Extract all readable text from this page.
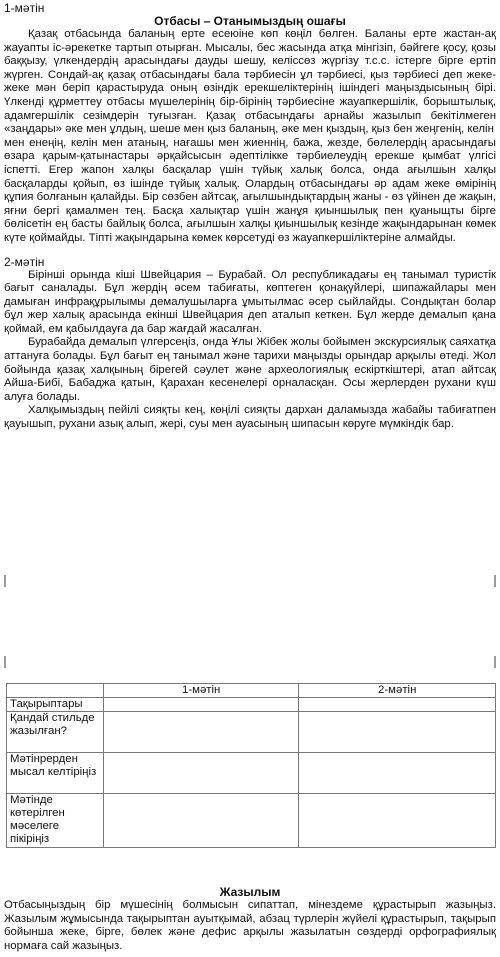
1-мәтін

Отбасы – Отанымыздың ошағы

Қазақ отбасында баланың ерте есеюіне көп көңіл бөлген. Баланы ерте жастан-ақ жауапты іс-әрекетке тартып отырған. Мысалы, бес жасында атқа мінгізіп, бәйгеге қосу, қозы баққызу, үлкендердің арасындағы дауды шешу, келіссөз жүргізу т.с.с. істерге бірге ертіп жүрген. Сондай-ақ қазақ отбасындағы бала тәрбиесін ұл тәрбиесі, қыз тәрбиесі деп жеке-жеке мән беріп қарастыруда оның өзіндік ерекшеліктерінің ішіндегі маңыздысының бірі. Үлкенді құрметтеу отбасы мүшелерінің бір-бірінің тәрбиесіне жауапкершілік, борыштылық, адамгершілік сезімдерін туғызған. Қазақ отбасындағы арнайы жазылып бекітілмеген «заңдары» әке мен ұлдың, шеше мен қыз баланың, әке мен қыздың, қыз бен жеңгенің, келін

мен енеңің, келін мен атаның, нағашы мен жиеннің, бажа, жезде, бөлелердің арасындағы өзара қарым-қатынастары әрқайсысын әдептілікке тәрбиелеудің ерекше қымбат үлгісі іспетті. Егер жапон халқы басқалар үшін түйық халық болса, онда ағылшын халқы басқаларды қойып, өз ішінде түйық халық. Олардың отбасындағы әр адам жеке өмірінің құпия болғанын қалайды. Бір сөзбен айтсақ, ағылшындықтардың жаны - өз үйінен де жақын, яғни бергі қамалмен тең. Басқа халықтар үшін жанұя қиыншылық пен қуаныщты бірге бөлісетін ең басты байлық болса, ағылшын халқы қиыншылық кезінде жақындарынан көмек күте қоймайды. Тіпті жақындарына көмек көрсетуді өз жауапкершіліктеріне алмайды.

2-мәтін

Бірінші орында кіші Швейцария – Бурабай. Ол республикадағы ең танымал туристік бағыт саналады. Бұл жердің әсем табиғаты, көптеген қонақүйлері, шипажайлары мен дамыған инфрақұрылымы демалушыларға ұмытылмас әсер сыйлайды. Сондықтан болар бұл жер халық арасында екінші Швейцария деп аталып кеткен. Бұл жерде демалып қана қоймай, ем қабылдауға да бар жағдай жасалған.

Бурабайда демалып үлгерсеңіз, онда Ұлы Жібек жолы бойымен экскурсиялық саяхатқа аттануға болады. Бұл бағыт ең танымал және тарихи маңызды орындар арқылы өтеді. Жол бойында қазақ халқының бірегей сәулет және археологиялық ескірткіштері, атап айтсақ Айша-Бибі, Бабаджа қатын, Қарахан кесенелері орналасқан. Осы жерлерден рухани күш алуға болады.

Халқымыздың пейілі сияқты кең, көңілі сияқты дархан даламызда жабайы табиғатпен қауышып, рухани азық алып, жері, суы мен ауасының шипасын көруге мүмкіндік бар.

	1-мәтін	2-мәтін
Тақырыптары		
Қандай стильде жазылған?		
Мәтінрерден мысал келтіріңіз		
Мәтінде көтерілген мәселеге пікіріңіз		

Жазылым

Отбасыңыздың бір мүшесінің болмысын сипаттап, мінездеме құрастырып жазыңыз. Жазылым жұмысында тақырыптан ауытқымай, абзац түрлерін жүйелі құрастырып, тақырып бойынша жеке, бірге, бөлек және дефис арқылы жазылатын сөздерді орфографиялық нормаға сай жазыңыз.
